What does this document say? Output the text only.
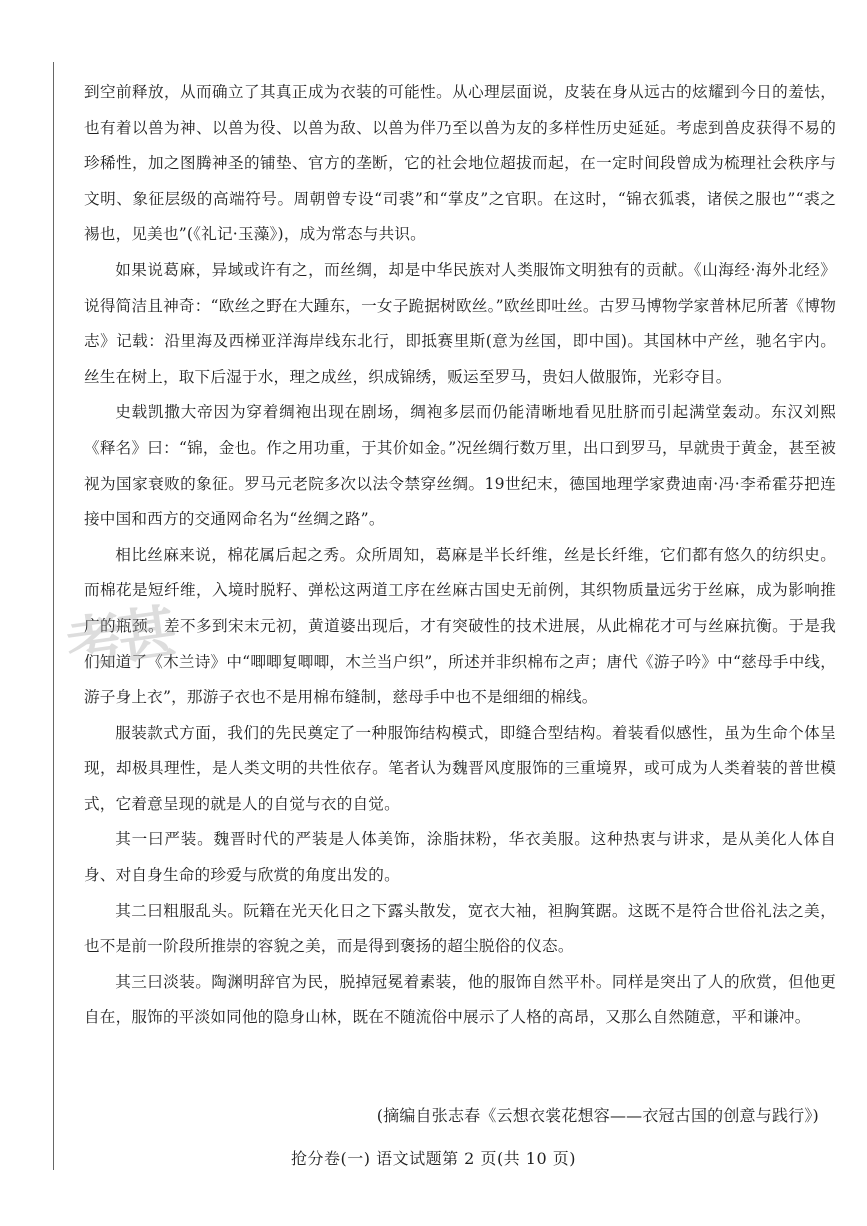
到空前释放，从而确立了其真正成为衣装的可能性。从心理层面说，皮装在身从远古的炫耀到今日的羞怯，也有着以兽为神、以兽为役、以兽为敌、以兽为伴乃至以兽为友的多样性历史延延。考虑到兽皮获得不易的珍稀性，加之图腾神圣的铺垫、官方的垄断，它的社会地位超拔而起，在一定时间段曾成为梳理社会秩序与文明、象征层级的高端符号。周朝曾专设“司裘”和“掌皮”之官职。在这时，“锦衣狐裘，诸侯之服也”“裘之裼也，见美也”(《礼记·玉藻》)，成为常态与共识。

如果说葛麻，异域或许有之，而丝绸，却是中华民族对人类服饰文明独有的贡献。《山海经·海外北经》说得简洁且神奇：“欧丝之野在大踵东，一女子跪据树欧丝。”欧丝即吐丝。古罗马博物学家普林尼所著《博物志》记载：沿里海及西梯亚洋海岸线东北行，即抵赛里斯(意为丝国，即中国)。其国林中产丝，驰名宇内。丝生在树上，取下后湿于水，理之成丝，织成锦绣，贩运至罗马，贵妇人做服饰，光彩夺目。

史载凯撒大帝因为穿着绸袍出现在剧场，绸袍多层而仍能清晰地看见肚脐而引起满堂轰动。东汉刘熙《释名》曰：“锦，金也。作之用功重，于其价如金。”况丝绸行数万里，出口到罗马，早就贵于黄金，甚至被视为国家衰败的象征。罗马元老院多次以法令禁穿丝绸。19世纪末，德国地理学家费迪南·冯·李希霍芬把连接中国和西方的交通网命名为“丝绸之路”。

相比丝麻来说，棉花属后起之秀。众所周知，葛麻是半长纤维，丝是长纤维，它们都有悠久的纺织史。而棉花是短纤维，入境时脱籽、弹松这两道工序在丝麻古国史无前例，其织物质量远劣于丝麻，成为影响推广的瓶颈。差不多到宋末元初，黄道婆出现后，才有突破性的技术进展，从此棉花才可与丝麻抗衡。于是我们知道了《木兰诗》中“唧唧复唧唧，木兰当户织”，所述并非织棉布之声；唐代《游子吟》中“慈母手中线，游子身上衣”，那游子衣也不是用棉布缝制，慈母手中也不是细细的棉线。

服装款式方面，我们的先民奠定了一种服饰结构模式，即缝合型结构。着装看似感性，虽为生命个体呈现，却极具理性，是人类文明的共性依存。笔者认为魏晋风度服饰的三重境界，或可成为人类着装的普世模式，它着意呈现的就是人的自觉与衣的自觉。

其一曰严装。魏晋时代的严装是人体美饰，涂脂抹粉，华衣美服。这种热衷与讲求，是从美化人体自身、对自身生命的珍爱与欣赏的角度出发的。

其二曰粗服乱头。阮籍在光天化日之下露头散发，宽衣大袖，袒胸箕踞。这既不是符合世俗礼法之美，也不是前一阶段所推崇的容貌之美，而是得到褒扬的超尘脱俗的仪态。

其三曰淡装。陶渊明辞官为民，脱掉冠冕着素装，他的服饰自然平朴。同样是突出了人的欣赏，但他更自在，服饰的平淡如同他的隐身山林，既在不随流俗中展示了人格的高昂，又那么自然随意，平和谦冲。

考甚
(摘编自张志春《云想衣裳花想容——衣冠古国的创意与践行》)
抢分卷(一) 语文试题第 2 页(共 10 页)
